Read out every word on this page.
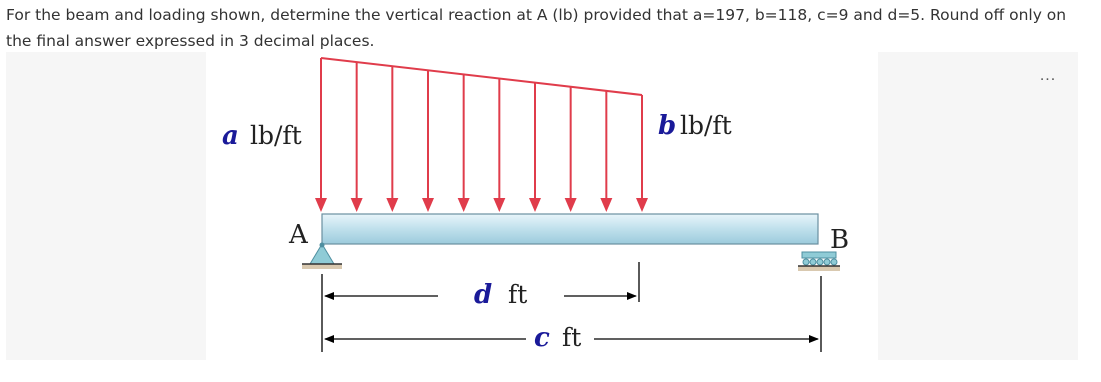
For the beam and loading shown, determine the vertical reaction at A (lb) provided that a=197, b=118, c=9 and d=5. Round off only on the final answer expressed in 3 decimal places.
...
a lb/ft	b lb/ft
A	B
d ft
c ft
